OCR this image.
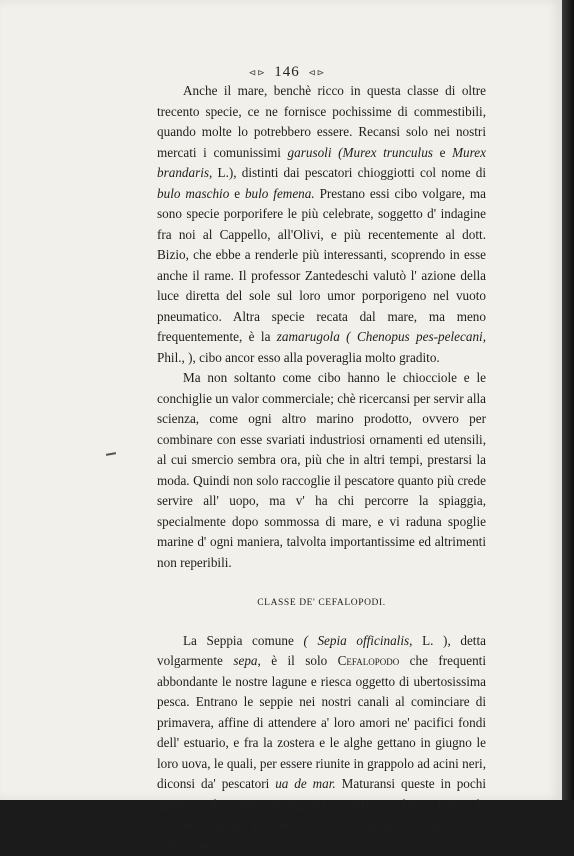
⊲⊳ 146 ⊲⊳

Anche il mare, benchè ricco in questa classe di oltre trecento specie, ce ne fornisce pochissime di commestibili, quando molte lo potrebbero essere. Recansi solo nei nostri mercati i comunissimi garusoli (Murex trunculus e Murex brandaris, L.), distinti dai pescatori chioggiotti col nome di bulo maschio e bulo femena. Prestano essi cibo volgare, ma sono specie porporifere le più celebrate, soggetto d' indagine fra noi al Cappello, all'Olivi, e più recentemente al dott. Bizio, che ebbe a renderle più interessanti, scoprendo in esse anche il rame. Il professor Zantedeschi valutò l' azione della luce diretta del sole sul loro umor porporigeno nel vuoto pneumatico. Altra specie recata dal mare, ma meno frequentemente, è la zamarugola ( Chenopus pes-pelecani, Phil., ), cibo ancor esso alla poveraglia molto gradito.

Ma non soltanto come cibo hanno le chiocciole e le conchiglie un valor commerciale; chè ricercansi per servir alla scienza, come ogni altro marino prodotto, ovvero per combinare con esse svariati industriosi ornamenti ed utensili, al cui smercio sembra ora, più che in altri tempi, prestarsi la moda. Quindi non solo raccoglie il pescatore quanto più crede servire all' uopo, ma v' ha chi percorre la spiaggia, specialmente dopo sommossa di mare, e vi raduna spoglie marine d' ogni maniera, talvolta importantissime ed altrimenti non reperibili.

CLASSE DE' CEFALOPODI.

La Seppia comune ( Sepia officinalis, L. ), detta volgarmente sepa, è il solo Cefalopodo che frequenti abbondante le nostre lagune e riesca oggetto di ubertosissima pesca. Entrano le seppie nei nostri canali al cominciare di primavera, affine di attendere a' loro amori ne' pacifici fondi dell' estuario, e fra la zostera e le alghe gettano in giugno le loro uova, le quali, per essere riunite in grappolo ad acini neri, diconsi da' pescatori ua de mar. Maturansi queste in pochi giorni, e sbocciate, rimangonsi gregarie per breve tempo le piccole seppie (sepoline), finchè, giunte a grandezza sufficiente,
